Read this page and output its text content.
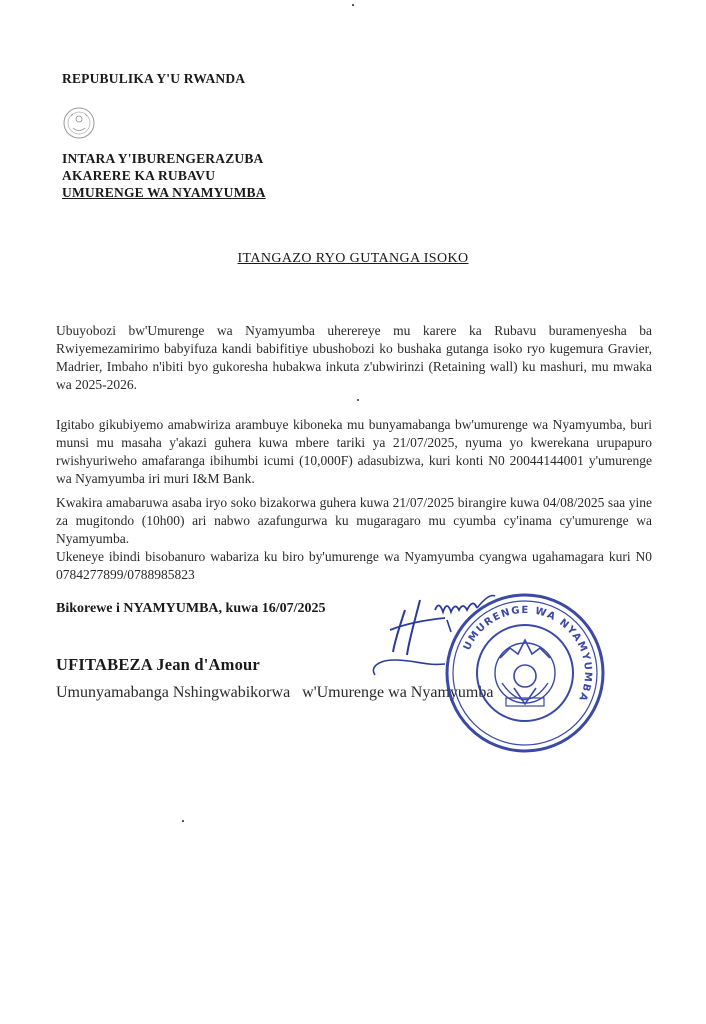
REPUBULIKA Y'U RWANDA
INTARA Y'IBURENGERAZUBA
AKARERE KA RUBAVU
UMURENGE WA NYAMYUMBA
ITANGAZO RYO GUTANGA ISOKO

Ubuyobozi bw'Umurenge wa Nyamyumba uherereye mu karere ka Rubavu buramenyesha ba Rwiyemezamirimo babyifuza kandi babifitiye ubushobozi ko bushaka gutanga isoko ryo kugemura Gravier, Madrier, Imbaho n'ibiti byo gukoresha hubakwa inkuta z'ubwirinzi (Retaining wall) ku mashuri, mu mwaka wa 2025-2026.

Igitabo gikubiyemo amabwiriza arambuye kiboneka mu bunyamabanga bw'umurenge wa Nyamyumba, buri munsi mu masaha y'akazi guhera kuwa mbere tariki ya 21/07/2025, nyuma yo kwerekana urupapuro rwishyuriweho amafaranga ibihumbi icumi (10,000F) adasubizwa, kuri konti N0 20044144001 y'umurenge wa Nyamyumba iri muri I&M Bank.

Kwakira amabaruwa asaba iryo soko bizakorwa guhera kuwa 21/07/2025 birangire kuwa 04/08/2025 saa yine za mugitondo (10h00) ari nabwo azafungurwa ku mugaragaro mu cyumba cy'inama cy'umurenge wa Nyamyumba.

Ukeneye ibindi bisobanuro wabariza ku biro by'umurenge wa Nyamyumba cyangwa ugahamagara kuri N0 0784277899/0788985823

Bikorewe i NYAMYUMBA, kuwa 16/07/2025
UFITABEZA Jean d'Amour
Umunyamabanga Nshingwabikorwa   w'Umurenge wa Nyamyumba
UMURENGE WA NYAMYUMBA
